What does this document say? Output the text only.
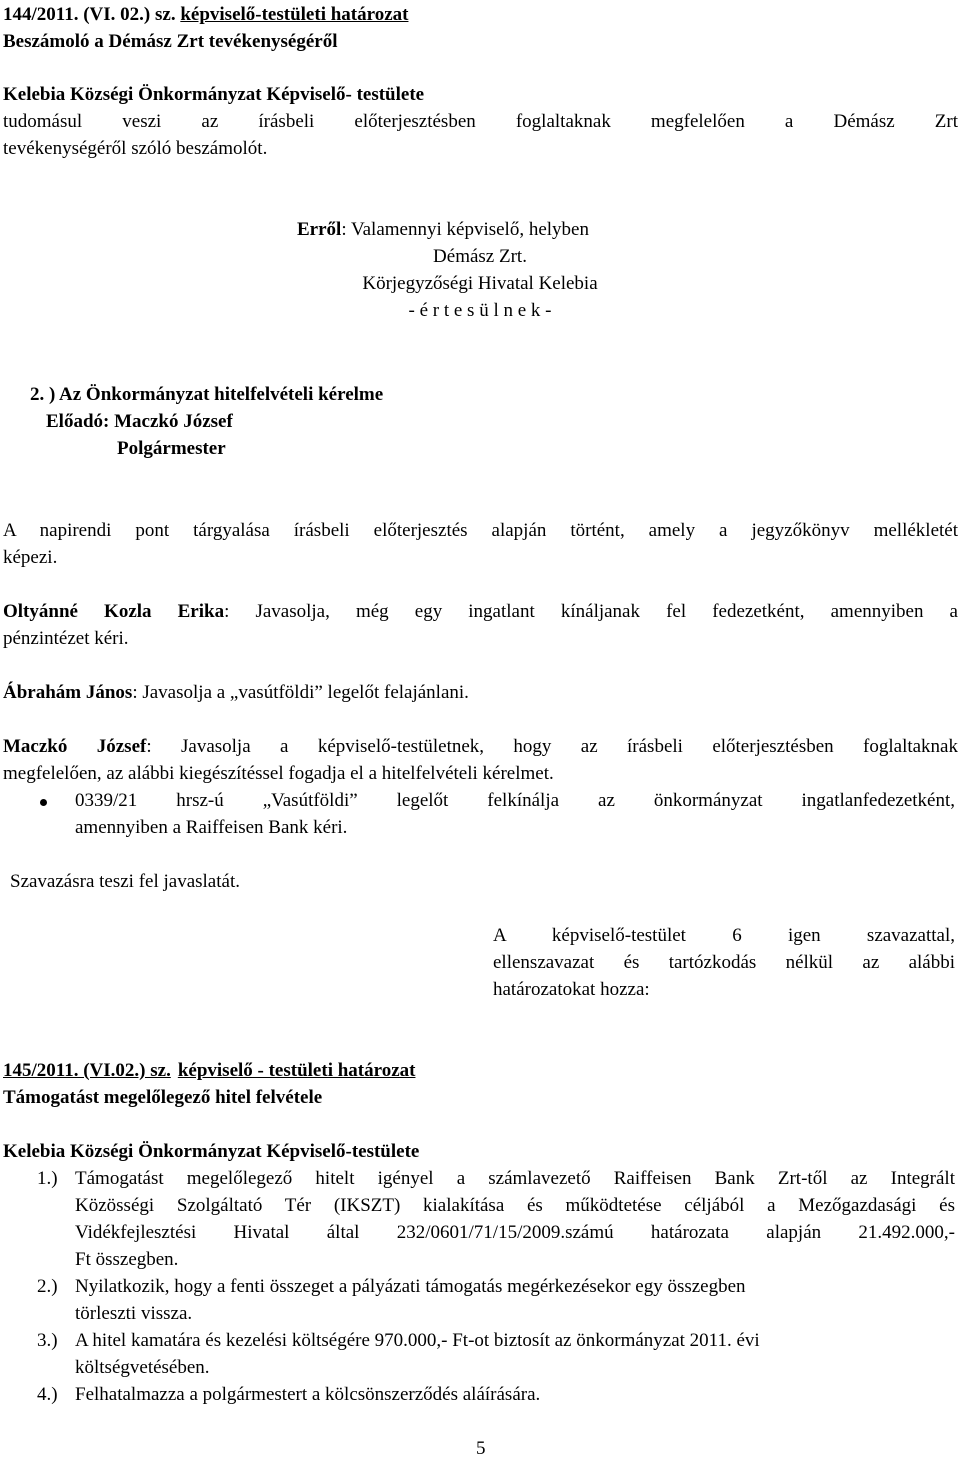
144/2011. (VI. 02.) sz. képviselő-testületi határozat
Beszámoló a Démász Zrt tevékenységéről
Kelebia Községi Önkormányzat Képviselő- testülete
tudomásul veszi az írásbeli előterjesztésben foglaltaknak megfelelően a Démász Zrt
tevékenységéről szóló beszámolót.
Erről: Valamennyi képviselő, helyben
Démász Zrt.
Körjegyzőségi Hivatal Kelebia
- é r t e s ü l n e k -
2. ) Az Önkormányzat hitelfelvételi kérelme
Előadó: Maczkó József
Polgármester
A napirendi pont tárgyalása írásbeli előterjesztés alapján történt, amely a jegyzőkönyv mellékletét
képezi.
Oltyánné Kozla Erika: Javasolja, még egy ingatlant kínáljanak fel fedezetként, amennyiben a
pénzintézet kéri.
Ábrahám János: Javasolja a „vasútföldi” legelőt felajánlani.
Maczkó József: Javasolja a képviselő-testületnek, hogy az írásbeli előterjesztésben foglaltaknak
megfelelően, az alábbi kiegészítéssel fogadja el a hitelfelvételi kérelmet.
0339/21 hrsz-ú „Vasútföldi” legelőt felkínálja az önkormányzat ingatlanfedezetként,
amennyiben a Raiffeisen Bank kéri.
Szavazásra teszi fel javaslatát.
A képviselő-testület 6 igen szavazattal,
ellenszavazat és tartózkodás nélkül az alábbi
határozatokat hozza:
145/2011. (VI.02.) sz. képviselő - testületi határozat
Támogatást megelőlegező hitel felvétele
Kelebia Községi Önkormányzat Képviselő-testülete
1.) Támogatást megelőlegező hitelt igényel a számlavezető Raiffeisen Bank Zrt-től az Integrált
Közösségi Szolgáltató Tér (IKSZT) kialakítása és működtetése céljából a Mezőgazdasági és
Vidékfejlesztési Hivatal által 232/0601/71/15/2009.számú határozata alapján 21.492.000,-
Ft összegben.
2.) Nyilatkozik, hogy a fenti összeget a pályázati támogatás megérkezésekor egy összegben
törleszti vissza.
3.) A hitel kamatára és kezelési költségére 970.000,- Ft-ot biztosít az önkormányzat 2011. évi
költségvetésében.
4.) Felhatalmazza a polgármestert a kölcsönszerződés aláírására.
5
